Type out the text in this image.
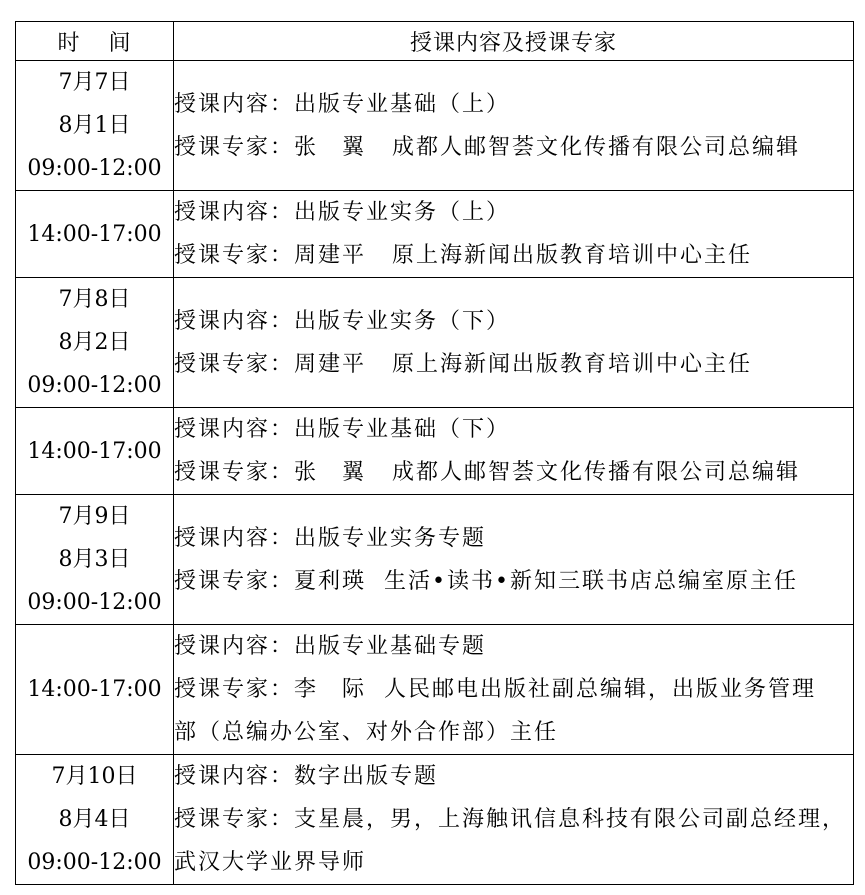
时 间	授课内容及授课专家

7月7日
8月1日
09:00-12:00	授课内容：出版专业基础（上）
授课专家：张　翼 成都人邮智荟文化传播有限公司总编辑

14:00-17:00	授课内容：出版专业实务（上）
授课专家：周建平 原上海新闻出版教育培训中心主任

7月8日
8月2日
09:00-12:00	授课内容：出版专业实务（下）
授课专家：周建平 原上海新闻出版教育培训中心主任

14:00-17:00	授课内容：出版专业基础（下）
授课专家：张　翼 成都人邮智荟文化传播有限公司总编辑

7月9日
8月3日
09:00-12:00	授课内容：出版专业实务专题
授课专家：夏利瑛 生活•读书•新知三联书店总编室原主任

14:00-17:00	授课内容：出版专业基础专题
授课专家：李　际 人民邮电出版社副总编辑，出版业务管理
部（总编办公室、对外合作部）主任

7月10日
8月4日
09:00-12:00	授课内容：数字出版专题
授课专家：支星晨，男，上海触讯信息科技有限公司副总经理，
武汉大学业界导师
